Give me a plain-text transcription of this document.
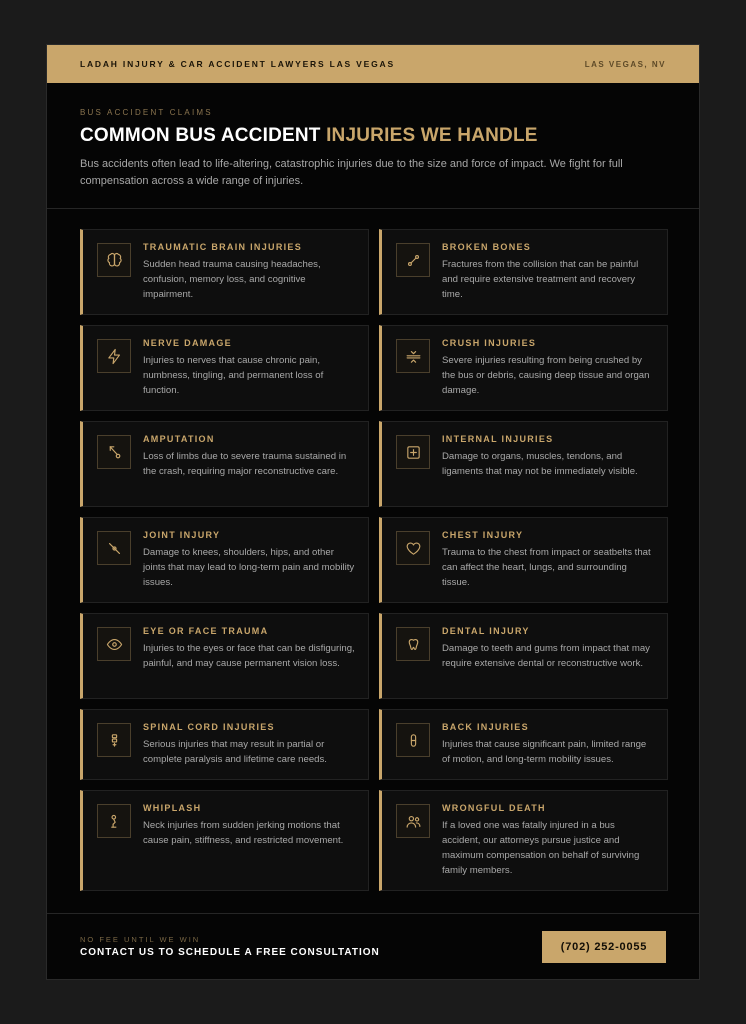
LADAH INJURY & CAR ACCIDENT LAWYERS LAS VEGAS	LAS VEGAS, NV
BUS ACCIDENT CLAIMS
COMMON BUS ACCIDENT INJURIES WE HANDLE

Bus accidents often lead to life-altering, catastrophic injuries due to the size and force of impact. We fight for full compensation across a wide range of injuries.

TRAUMATIC BRAIN INJURIES
Sudden head trauma causing headaches, confusion, memory loss, and cognitive impairment.
BROKEN BONES
Fractures from the collision that can be painful and require extensive treatment and recovery time.
NERVE DAMAGE
Injuries to nerves that cause chronic pain, numbness, tingling, and permanent loss of function.
CRUSH INJURIES
Severe injuries resulting from being crushed by the bus or debris, causing deep tissue and organ damage.
AMPUTATION
Loss of limbs due to severe trauma sustained in the crash, requiring major reconstructive care.
INTERNAL INJURIES
Damage to organs, muscles, tendons, and ligaments that may not be immediately visible.
JOINT INJURY
Damage to knees, shoulders, hips, and other joints that may lead to long-term pain and mobility issues.
CHEST INJURY
Trauma to the chest from impact or seatbelts that can affect the heart, lungs, and surrounding tissue.
EYE OR FACE TRAUMA
Injuries to the eyes or face that can be disfiguring, painful, and may cause permanent vision loss.
DENTAL INJURY
Damage to teeth and gums from impact that may require extensive dental or reconstructive work.
SPINAL CORD INJURIES
Serious injuries that may result in partial or complete paralysis and lifetime care needs.
BACK INJURIES
Injuries that cause significant pain, limited range of motion, and long-term mobility issues.
WHIPLASH
Neck injuries from sudden jerking motions that cause pain, stiffness, and restricted movement.
WRONGFUL DEATH
If a loved one was fatally injured in a bus accident, our attorneys pursue justice and maximum compensation on behalf of surviving family members.
NO FEE UNTIL WE WIN
CONTACT US TO SCHEDULE A FREE CONSULTATION	(702) 252-0055
